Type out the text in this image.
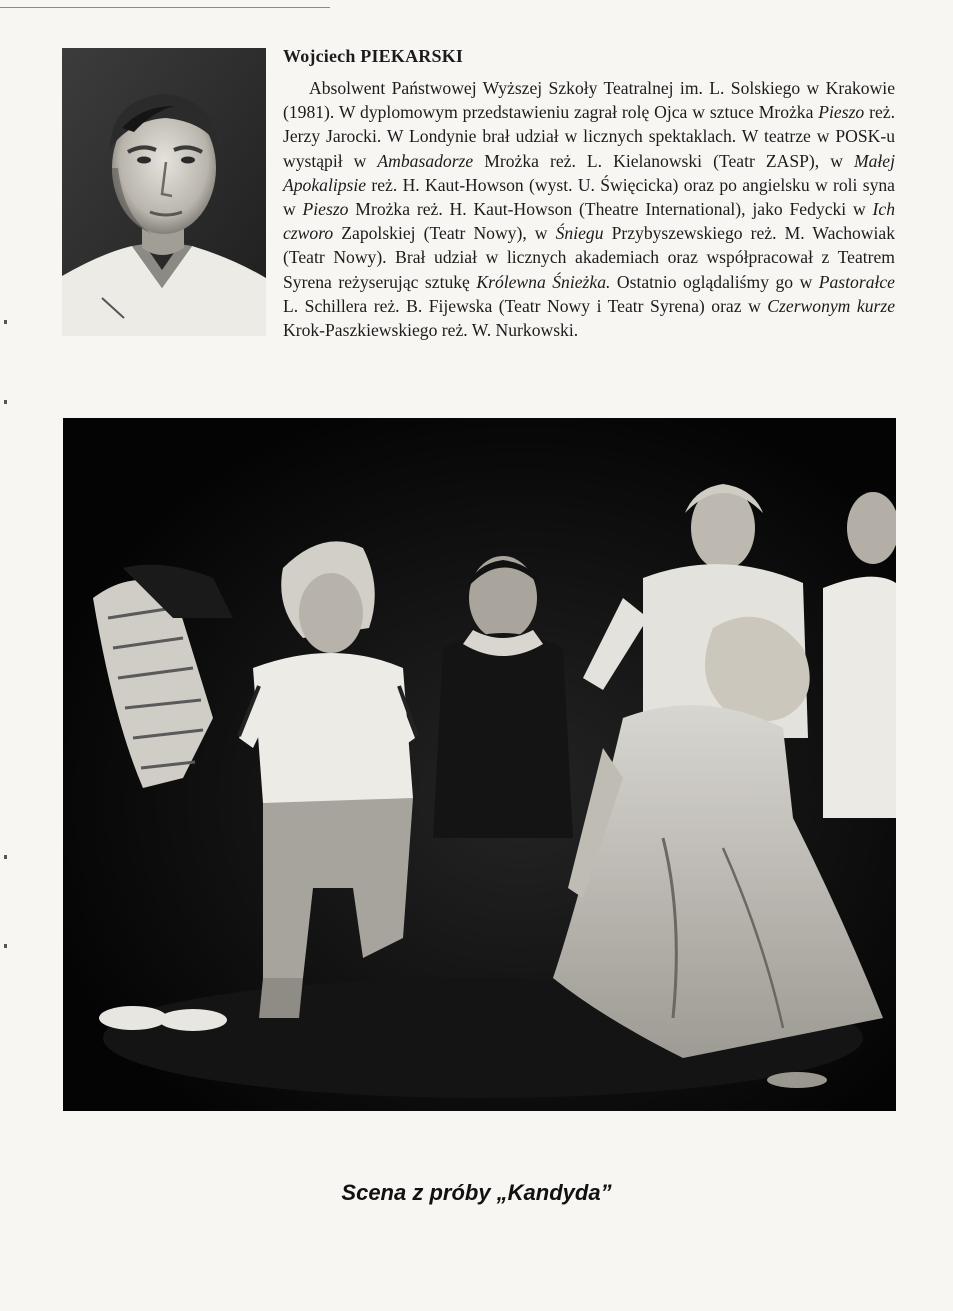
Wojciech PIEKARSKI

Absolwent Państwowej Wyższej Szkoły Teatralnej im. L. Solskiego w Krakowie (1981). W dyplomowym przedstawieniu zagrał rolę Ojca w sztuce Mrożka Pieszo reż. Jerzy Jarocki. W Londynie brał udział w licznych spektaklach. W teatrze w POSK-u wystąpił w Ambasadorze Mrożka reż. L. Kielanowski (Teatr ZASP), w Małej Apokalipsie reż. H. Kaut-Howson (wyst. U. Święcicka) oraz po angielsku w roli syna w Pieszo Mrożka reż. H. Kaut-Howson (Theatre International), jako Fedycki w Ich czworo Zapolskiej (Teatr Nowy), w Śniegu Przybyszewskiego reż. M. Wachowiak (Teatr Nowy). Brał udział w licznych akademiach oraz współpracował z Teatrem Syrena reżyserując sztukę Królewna Śnieżka. Ostatnio oglądaliśmy go w Pastorałce L. Schillera reż. B. Fijewska (Teatr Nowy i Teatr Syrena) oraz w Czerwonym kurze Krok-Paszkiewskiego reż. W. Nurkowski.

Scena z próby „Kandyda”
